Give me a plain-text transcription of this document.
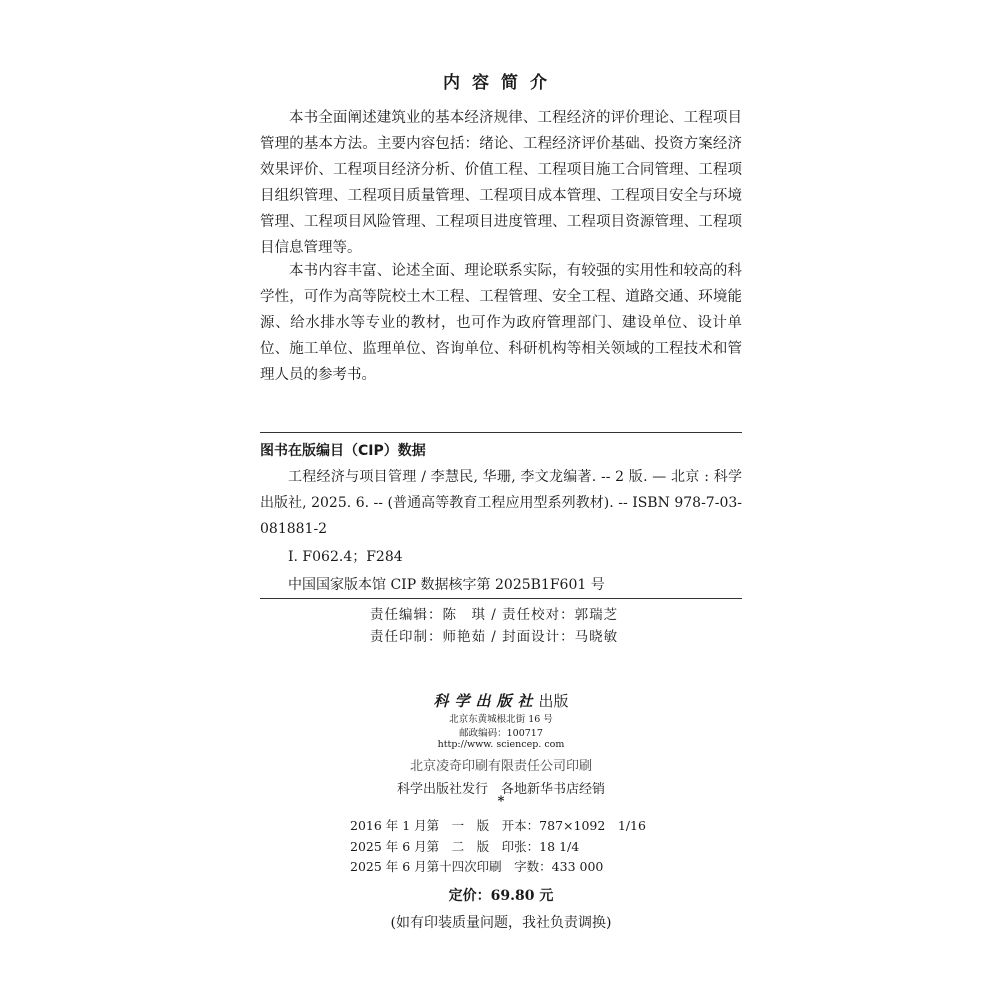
内容简介

本书全面阐述建筑业的基本经济规律、工程经济的评价理论、工程项目管理的基本方法。主要内容包括：绪论、工程经济评价基础、投资方案经济效果评价、工程项目经济分析、价值工程、工程项目施工合同管理、工程项目组织管理、工程项目质量管理、工程项目成本管理、工程项目安全与环境管理、工程项目风险管理、工程项目进度管理、工程项目资源管理、工程项目信息管理等。

本书内容丰富、论述全面、理论联系实际，有较强的实用性和较高的科学性，可作为高等院校土木工程、工程管理、安全工程、道路交通、环境能源、给水排水等专业的教材，也可作为政府管理部门、建设单位、设计单位、施工单位、监理单位、咨询单位、科研机构等相关领域的工程技术和管理人员的参考书。

图书在版编目（CIP）数据

工程经济与项目管理 / 李慧民, 华珊, 李文龙编著. -- 2 版. — 北京 : 科学出版社, 2025. 6. -- (普通高等教育工程应用型系列教材). -- ISBN 978-7-03-081881-2

Ⅰ. F062.4；F284
中国国家版本馆 CIP 数据核字第 2025B1F601 号
责任编辑：陈　琪 / 责任校对：郭瑞芝
责任印制：师艳茹 / 封面设计：马晓敏
科学出版社出版
北京东黄城根北街 16 号
邮政编码：100717
http://www. sciencep. com
北京凌奇印刷有限责任公司印刷
科学出版社发行　各地新华书店经销
*
2016 年 1 月第　一　版　开本：787×1092　1/16
2025 年 6 月第　二　版　印张：18 1/4
2025 年 6 月第十四次印刷　字数：433 000
定价：69.80 元
(如有印装质量问题，我社负责调换)
